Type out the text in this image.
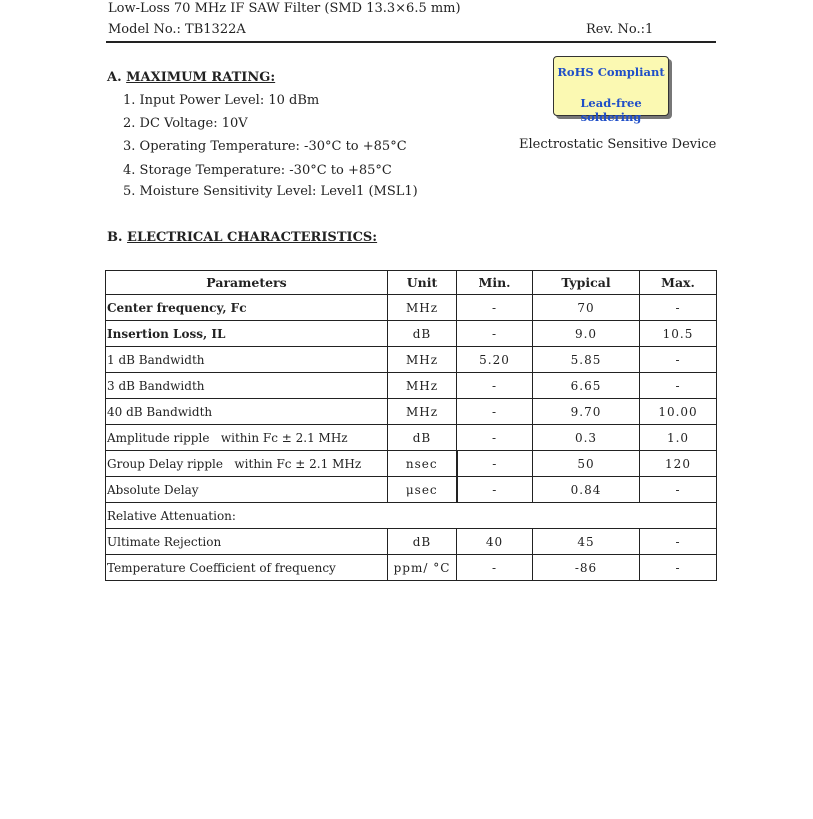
Low-Loss 70 MHz IF SAW Filter (SMD 13.3×6.5 mm)
Model No.: TB1322A	Rev. No.:1
A. MAXIMUM RATING:
1. Input Power Level: 10 dBm
2. DC Voltage: 10V
3. Operating Temperature: -30°C to +85°C
4. Storage Temperature: -30°C to +85°C
5. Moisture Sensitivity Level: Level1 (MSL1)
RoHS Compliant
Lead-free soldering
Electrostatic Sensitive Device
B. ELECTRICAL CHARACTERISTICS:
Parameters	Unit	Min.	Typical	Max.
Center frequency, Fc	MHz	-	70	-
Insertion Loss, IL	dB	-	9.0	10.5
1 dB Bandwidth	MHz	5.20	5.85	-
3 dB Bandwidth	MHz	-	6.65	-
40 dB Bandwidth	MHz	-	9.70	10.00
Amplitude ripple   within Fc ± 2.1 MHz	dB	-	0.3	1.0
Group Delay ripple   within Fc ± 2.1 MHz	nsec	-	50	120
Absolute Delay	μsec	-	0.84	-
Relative Attenuation:				
Ultimate Rejection	dB	40	45	-
Temperature Coefficient of frequency	ppm/ °C	-	-86	-
